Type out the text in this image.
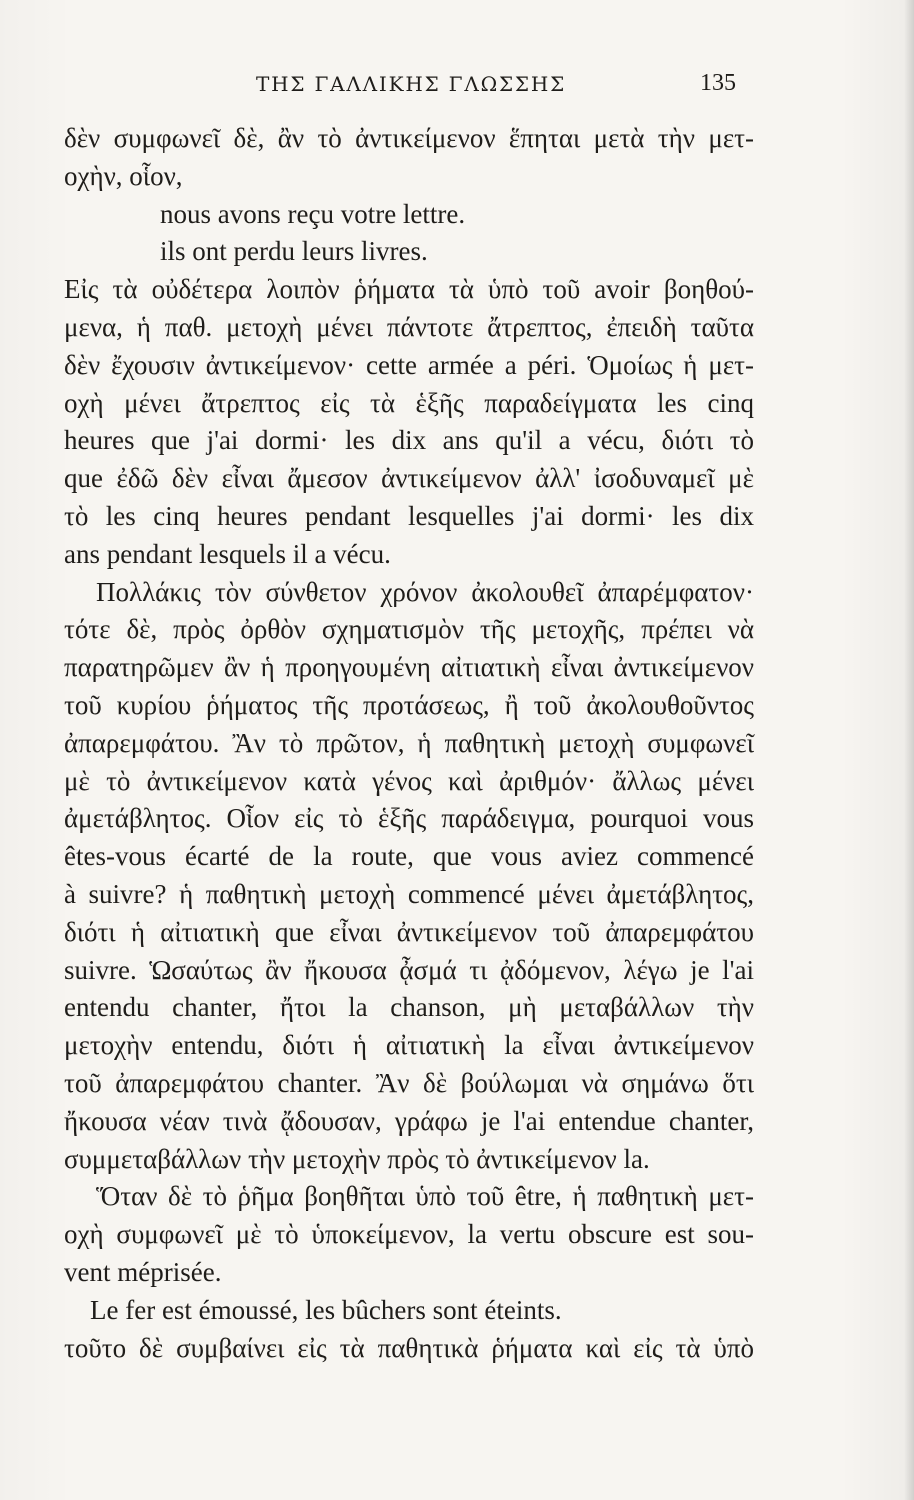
ΤΗΣ ΓΑΛΛΙΚΗΣ ΓΛΩΣΣΗΣ	135
δὲν συμφωνεῖ δὲ, ἂν τὸ ἀντικείμενον ἕπηται μετὰ τὴν μετ-
οχὴν, οἷον,
nous avons reçu votre lettre.
ils ont perdu leurs livres.
Εἰς τὰ οὐδέτερα λοιπὸν ῥήματα τὰ ὑπὸ τοῦ avoir βοηθού-
μενα, ἡ παθ. μετοχὴ μένει πάντοτε ἄτρεπτος, ἐπειδὴ ταῦτα
δὲν ἔχουσιν ἀντικείμενον· cette armée a péri. Ὁμοίως ἡ μετ-
οχὴ μένει ἄτρεπτος εἰς τὰ ἑξῆς παραδείγματα les cinq
heures que j'ai dormi· les dix ans qu'il a vécu, διότι τὸ
que ἐδῶ δὲν εἶναι ἄμεσον ἀντικείμενον ἀλλ' ἰσοδυναμεῖ μὲ
τὸ les cinq heures pendant lesquelles j'ai dormi· les dix
ans pendant lesquels il a vécu.
Πολλάκις τὸν σύνθετον χρόνον ἀκολουθεῖ ἀπαρέμφατον·
τότε δὲ, πρὸς ὀρθὸν σχηματισμὸν τῆς μετοχῆς, πρέπει νὰ
παρατηρῶμεν ἂν ἡ προηγουμένη αἰτιατικὴ εἶναι ἀντικείμενον
τοῦ κυρίου ῥήματος τῆς προτάσεως, ἢ τοῦ ἀκολουθοῦντος
ἀπαρεμφάτου. Ἂν τὸ πρῶτον, ἡ παθητικὴ μετοχὴ συμφωνεῖ
μὲ τὸ ἀντικείμενον κατὰ γένος καὶ ἀριθμόν· ἄλλως μένει
ἀμετάβλητος. Οἷον εἰς τὸ ἑξῆς παράδειγμα, pourquoi vous
êtes-vous écarté de la route, que vous aviez commencé
à suivre? ἡ παθητικὴ μετοχὴ commencé μένει ἀμετάβλητος,
διότι ἡ αἰτιατικὴ que εἶναι ἀντικείμενον τοῦ ἀπαρεμφάτου
suivre. Ὡσαύτως ἂν ἤκουσα ᾆσμά τι ᾀδόμενον, λέγω je l'ai
entendu chanter, ἤτοι la chanson, μὴ μεταβάλλων τὴν
μετοχὴν entendu, διότι ἡ αἰτιατικὴ la εἶναι ἀντικείμενον
τοῦ ἀπαρεμφάτου chanter. Ἂν δὲ βούλωμαι νὰ σημάνω ὅτι
ἤκουσα νέαν τινὰ ᾄδουσαν, γράφω je l'ai entendue chanter,
συμμεταβάλλων τὴν μετοχὴν πρὸς τὸ ἀντικείμενον la.
Ὅταν δὲ τὸ ῥῆμα βοηθῆται ὑπὸ τοῦ être, ἡ παθητικὴ μετ-
οχὴ συμφωνεῖ μὲ τὸ ὑποκείμενον, la vertu obscure est sou-
vent méprisée.
Le fer est émoussé, les bûchers sont éteints.
τοῦτο δὲ συμβαίνει εἰς τὰ παθητικὰ ῥήματα καὶ εἰς τὰ ὑπὸ
